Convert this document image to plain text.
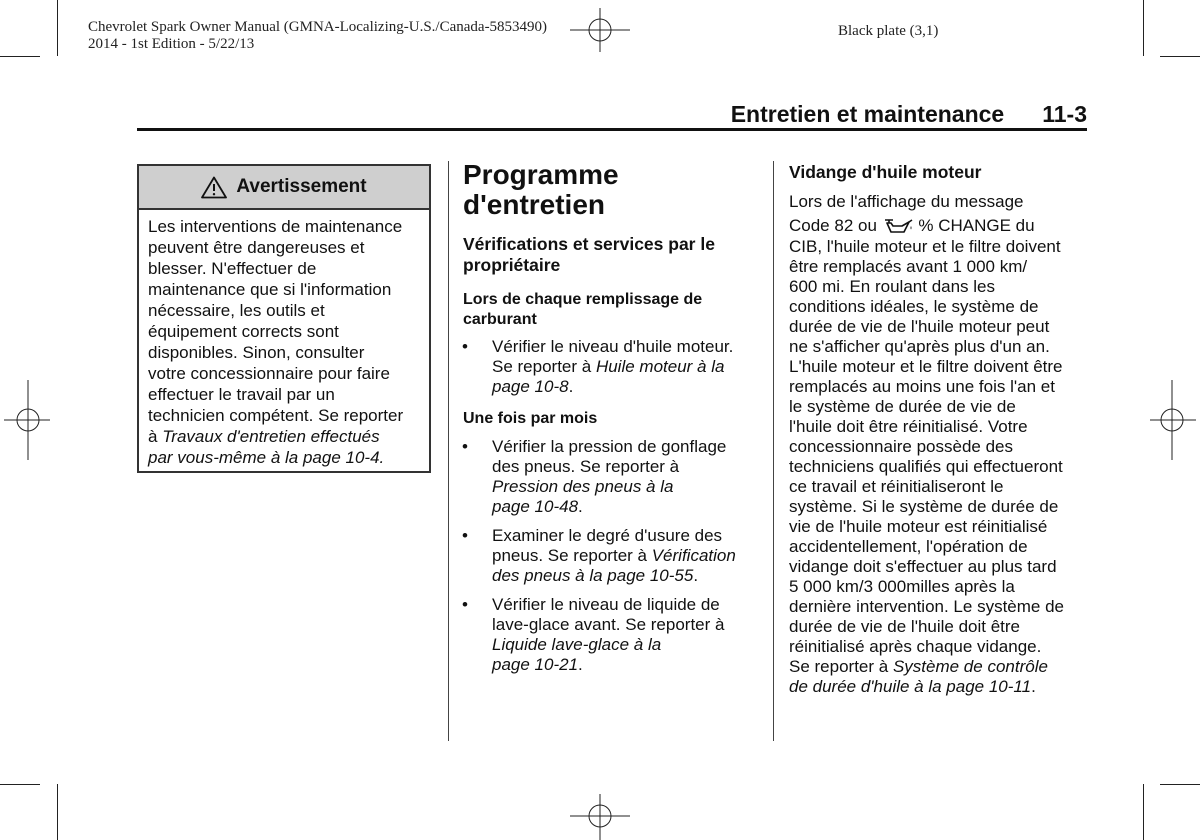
Chevrolet Spark Owner Manual (GMNA-Localizing-U.S./Canada-5853490)
2014 - 1st Edition - 5/22/13
Black plate (3,1)
Entretien et maintenance 11-3
Avertissement
Les interventions de maintenance
peuvent être dangereuses et
blesser. N'effectuer de
maintenance que si l'information
nécessaire, les outils et
équipement corrects sont
disponibles. Sinon, consulter
votre concessionnaire pour faire
effectuer le travail par un
technicien compétent. Se reporter
à Travaux d'entretien effectués
par vous-même à la page 10-4.
Programme
d'entretien
Vérifications et services par le
propriétaire
Lors de chaque remplissage de
carburant
• Vérifier le niveau d'huile moteur.
Se reporter à Huile moteur à la
page 10-8.
Une fois par mois
• Vérifier la pression de gonflage
des pneus. Se reporter à
Pression des pneus à la
page 10-48.
• Examiner le degré d'usure des
pneus. Se reporter à Vérification
des pneus à la page 10-55.
• Vérifier le niveau de liquide de
lave-glace avant. Se reporter à
Liquide lave-glace à la
page 10-21.
Vidange d'huile moteur
Lors de l'affichage du message
Code 82 ou % CHANGE du
CIB, l'huile moteur et le filtre doivent
être remplacés avant 1 000 km/
600 mi. En roulant dans les
conditions idéales, le système de
durée de vie de l'huile moteur peut
ne s'afficher qu'après plus d'un an.
L'huile moteur et le filtre doivent être
remplacés au moins une fois l'an et
le système de durée de vie de
l'huile doit être réinitialisé. Votre
concessionnaire possède des
techniciens qualifiés qui effectueront
ce travail et réinitialiseront le
système. Si le système de durée de
vie de l'huile moteur est réinitialisé
accidentellement, l'opération de
vidange doit s'effectuer au plus tard
5 000 km/3 000milles après la
dernière intervention. Le système de
durée de vie de l'huile doit être
réinitialisé après chaque vidange.
Se reporter à Système de contrôle
de durée d'huile à la page 10-11.
